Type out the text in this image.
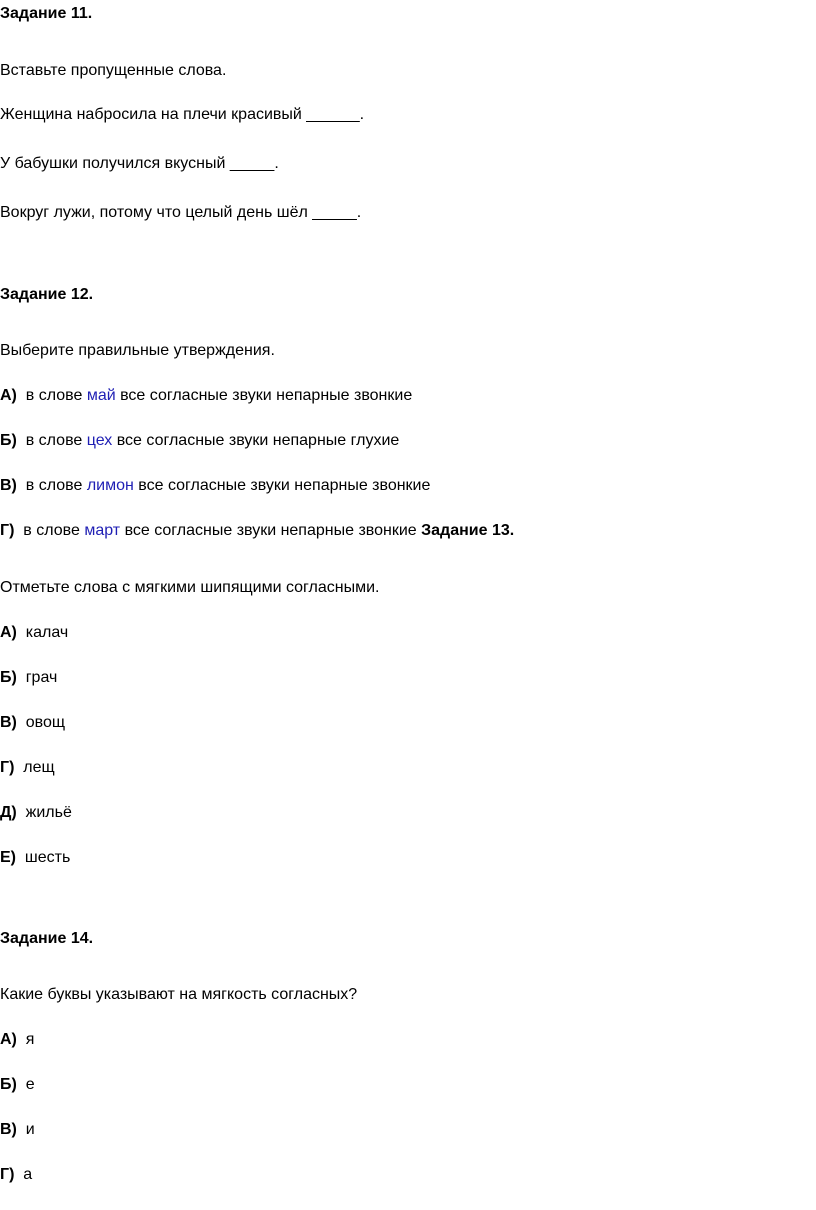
Задание 11.
Вставьте пропущенные слова.
Женщина набросила на плечи красивый ______.
У бабушки получился вкусный _____.
Вокруг лужи, потому что целый день шёл _____.
Задание 12.
Выберите правильные утверждения.
А) в слове май все согласные звуки непарные звонкие
Б) в слове цех все согласные звуки непарные глухие
В) в слове лимон все согласные звуки непарные звонкие
Г) в слове март все согласные звуки непарные звонкие Задание 13.
Отметьте слова с мягкими шипящими согласными.
А) калач
Б) грач
В) овощ
Г) лещ
Д) жильё
Е) шесть
Задание 14.
Какие буквы указывают на мягкость согласных?
А) я
Б) е
В) и
Г) а
